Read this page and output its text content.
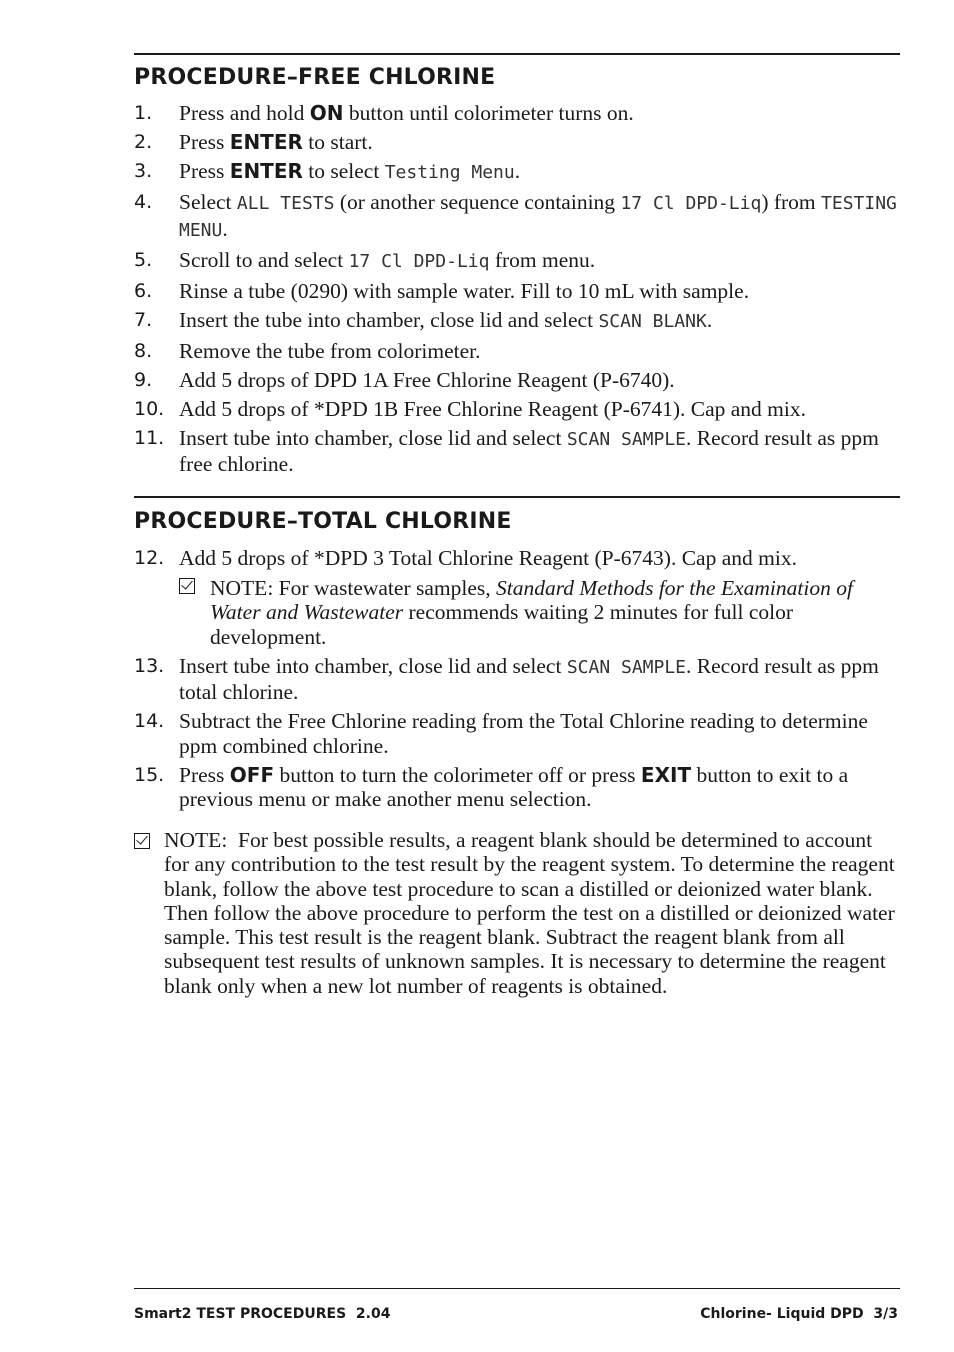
PROCEDURE–FREE CHLORINE
1. Press and hold ON button until colorimeter turns on.
2. Press ENTER to start.
3. Press ENTER to select Testing Menu.
4. Select ALL TESTS (or another sequence containing 17 Cl DPD-Liq) from TESTING MENU.
5. Scroll to and select 17 Cl DPD-Liq from menu.
6. Rinse a tube (0290) with sample water. Fill to 10 mL with sample.
7. Insert the tube into chamber, close lid and select SCAN BLANK.
8. Remove the tube from colorimeter.
9. Add 5 drops of DPD 1A Free Chlorine Reagent (P-6740).
10. Add 5 drops of *DPD 1B Free Chlorine Reagent (P-6741). Cap and mix.
11. Insert tube into chamber, close lid and select SCAN SAMPLE. Record result as ppm free chlorine.
PROCEDURE–TOTAL CHLORINE
12. Add 5 drops of *DPD 3 Total Chlorine Reagent (P-6743). Cap and mix.
NOTE: For wastewater samples, Standard Methods for the Examination of Water and Wastewater recommends waiting 2 minutes for full color development.
13. Insert tube into chamber, close lid and select SCAN SAMPLE. Record result as ppm total chlorine.
14. Subtract the Free Chlorine reading from the Total Chlorine reading to determine ppm combined chlorine.
15. Press OFF button to turn the colorimeter off or press EXIT button to exit to a previous menu or make another menu selection.
NOTE:  For best possible results, a reagent blank should be determined to account for any contribution to the test result by the reagent system. To determine the reagent blank, follow the above test procedure to scan a distilled or deionized water blank. Then follow the above procedure to perform the test on a distilled or deionized water sample. This test result is the reagent blank. Subtract the reagent blank from all subsequent test results of unknown samples. It is necessary to determine the reagent blank only when a new lot number of reagents is obtained.
Smart2 TEST PROCEDURES  2.04	Chlorine- Liquid DPD  3/3
